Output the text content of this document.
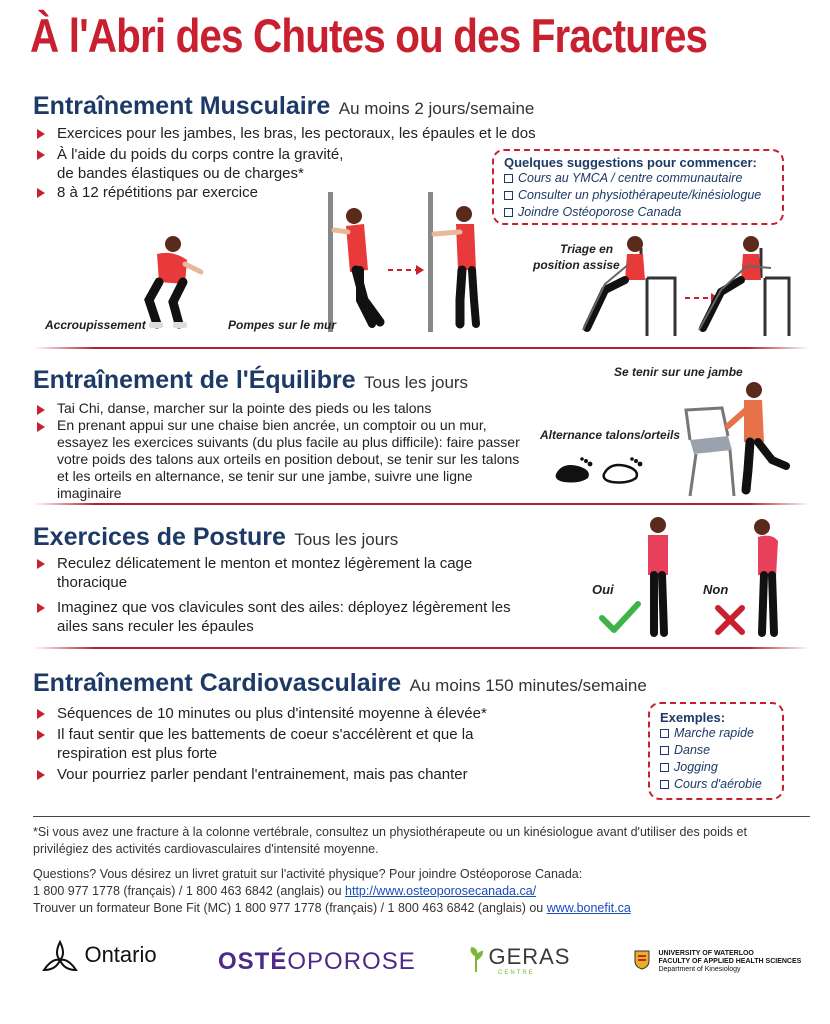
À l'Abri des Chutes ou des Fractures
Entraînement Musculaire Au moins 2 jours/semaine
Exercices pour les jambes, les bras, les pectoraux, les épaules et le dos
À l'aide du poids du corps contre la gravité,
de bandes élastiques ou de charges*
8 à 12 répétitions par exercice
Quelques suggestions pour commencer:
Cours au YMCA / centre communautaire
Consulter un physiothérapeute/kinésiologue
Joindre Ostéoporose Canada
Accroupissement	Pompes sur le mur
Triage en
position assise
Entraînement de l'Équilibre Tous les jours
Tai Chi, danse, marcher sur la pointe des pieds ou les talons
En prenant appui sur une chaise bien ancrée, un comptoir ou un mur, essayez les exercices suivants (du plus facile au plus difficile): faire passer votre poids des talons aux orteils en position debout, se tenir sur les talons et les orteils en alternance, se tenir sur une jambe, suivre une ligne imaginaire
Se tenir sur une jambe
Alternance talons/orteils
Exercices de Posture Tous les jours
Reculez délicatement le menton et montez légèrement la cage thoracique
Imaginez que vos clavicules sont des ailes: déployez légèrement les ailes sans reculer les épaules
Oui	Non
Entraînement Cardiovasculaire Au moins 150 minutes/semaine
Séquences de 10 minutes ou plus d'intensité moyenne à élevée*
Il faut sentir que les battements de coeur s'accélèrent et que la respiration est plus forte
Vour pourriez parler pendant l'entrainement, mais pas chanter
Exemples:
Marche rapide
Danse
Jogging
Cours d'aérobie
*Si vous avez une fracture à la colonne vertébrale, consultez un physiothérapeute ou un kinésiologue avant d'utiliser des poids et privilégiez des activités cardiovasculaires d'intensité moyenne.
Questions? Vous désirez un livret gratuit sur l'activité physique? Pour joindre Ostéoporose Canada:
1 800 977 1778 (français) / 1 800 463 6842 (anglais) ou http://www.osteoporosecanada.ca/
Trouver un formateur Bone Fit (MC) 1 800 977 1778 (français) / 1 800 463 6842 (anglais) ou www.bonefit.ca
Ontario	OSTÉOPOROSE	GERAS
CENTRE

UNIVERSITY OF WATERLOO
FACULTY OF APPLIED HEALTH SCIENCES
Department of Kinesiology
